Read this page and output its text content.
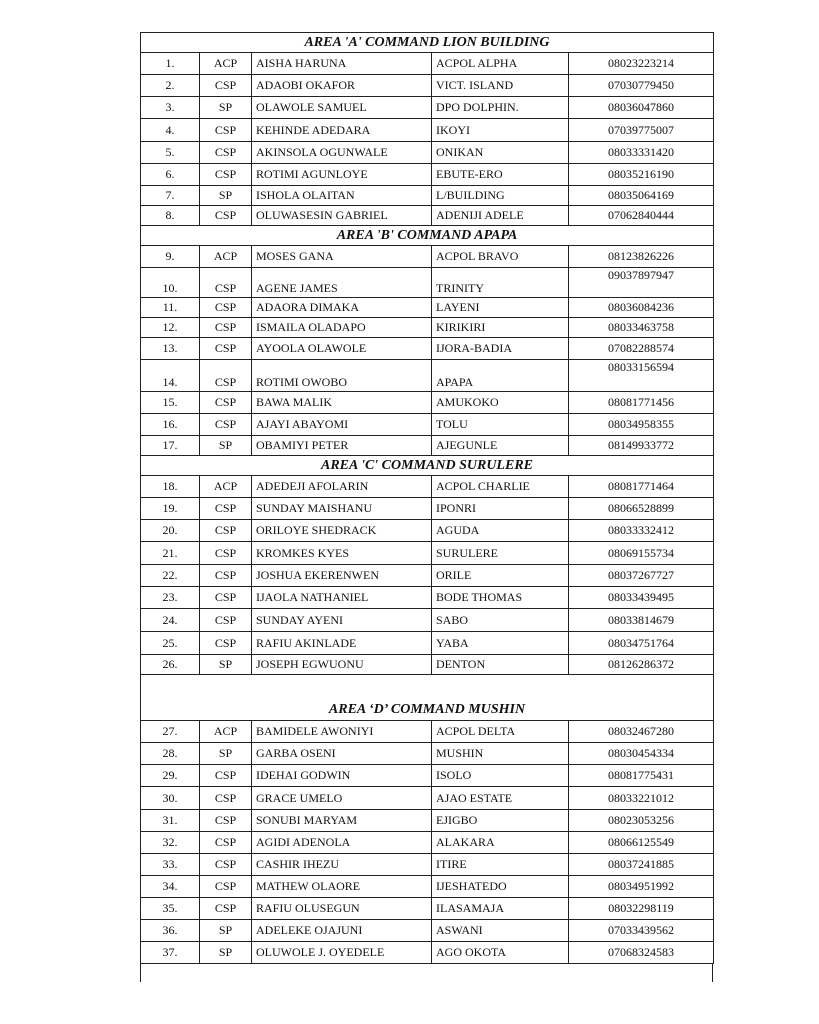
AREA 'A' COMMAND LION BUILDING				
1.	ACP	AISHA HARUNA	ACPOL ALPHA	08023223214
2.	CSP	ADAOBI OKAFOR	VICT. ISLAND	07030779450
3.	SP	OLAWOLE SAMUEL	DPO DOLPHIN.	08036047860
4.	CSP	KEHINDE ADEDARA	IKOYI	07039775007
5.	CSP	AKINSOLA OGUNWALE	ONIKAN	08033331420
6.	CSP	ROTIMI AGUNLOYE	EBUTE-ERO	08035216190
7.	SP	ISHOLA OLAITAN	L/BUILDING	08035064169
8.	CSP	OLUWASESIN GABRIEL	ADENIJI ADELE	07062840444
AREA 'B' COMMAND APAPA				
9.	ACP	MOSES GANA	ACPOL BRAVO	08123826226
10.	CSP	AGENE JAMES	TRINITY	09037897947
11.	CSP	ADAORA DIMAKA	LAYENI	08036084236
12.	CSP	ISMAILA OLADAPO	KIRIKIRI	08033463758
13.	CSP	AYOOLA OLAWOLE	IJORA-BADIA	07082288574
14.	CSP	ROTIMI OWOBO	APAPA	08033156594
15.	CSP	BAWA MALIK	AMUKOKO	08081771456
16.	CSP	AJAYI ABAYOMI	TOLU	08034958355
17.	SP	OBAMIYI PETER	AJEGUNLE	08149933772
AREA 'C' COMMAND SURULERE				
18.	ACP	ADEDEJI AFOLARIN	ACPOL CHARLIE	08081771464
19.	CSP	SUNDAY MAISHANU	IPONRI	08066528899
20.	CSP	ORILOYE SHEDRACK	AGUDA	08033332412
21.	CSP	KROMKES KYES	SURULERE	08069155734
22.	CSP	JOSHUA EKERENWEN	ORILE	08037267727
23.	CSP	IJAOLA NATHANIEL	BODE THOMAS	08033439495
24.	CSP	SUNDAY AYENI	SABO	08033814679
25.	CSP	RAFIU AKINLADE	YABA	08034751764
26.	SP	JOSEPH EGWUONU	DENTON	08126286372
AREA ‘D’ COMMAND MUSHIN				
27.	ACP	BAMIDELE AWONIYI	ACPOL DELTA	08032467280
28.	SP	GARBA OSENI	MUSHIN	08030454334
29.	CSP	IDEHAI GODWIN	ISOLO	08081775431
30.	CSP	GRACE UMELO	AJAO ESTATE	08033221012
31.	CSP	SONUBI MARYAM	EJIGBO	08023053256
32.	CSP	AGIDI ADENOLA	ALAKARA	08066125549
33.	CSP	CASHIR IHEZU	ITIRE	08037241885
34.	CSP	MATHEW OLAORE	IJESHATEDO	08034951992
35.	CSP	RAFIU OLUSEGUN	ILASAMAJA	08032298119
36.	SP	ADELEKE OJAJUNI	ASWANI	07033439562
37.	SP	OLUWOLE J. OYEDELE	AGO OKOTA	07068324583
